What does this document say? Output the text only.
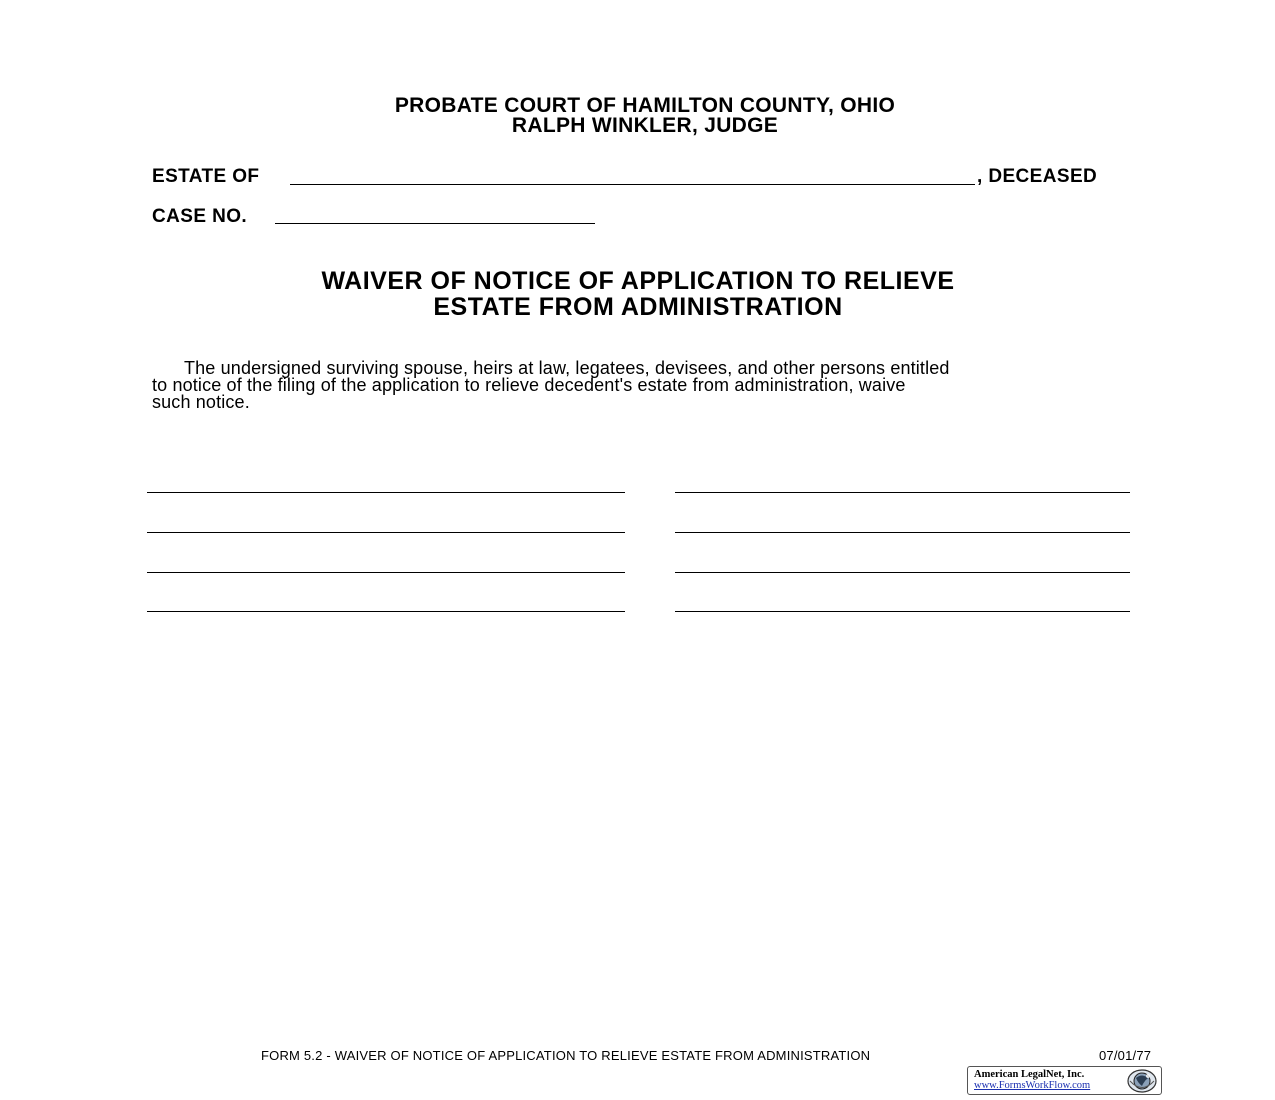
PROBATE COURT OF HAMILTON COUNTY, OHIO
RALPH WINKLER, JUDGE
ESTATE OF	, DECEASED
CASE NO.
WAIVER OF NOTICE OF APPLICATION TO RELIEVE
ESTATE FROM ADMINISTRATION
The undersigned surviving spouse, heirs at law, legatees, devisees, and other persons entitled
to notice of the filing of the application to relieve decedent's estate from administration, waive
such notice.
FORM 5.2 - WAIVER OF NOTICE OF APPLICATION TO RELIEVE ESTATE FROM ADMINISTRATION	07/01/77
American LegalNet, Inc.
www.FormsWorkFlow.com
